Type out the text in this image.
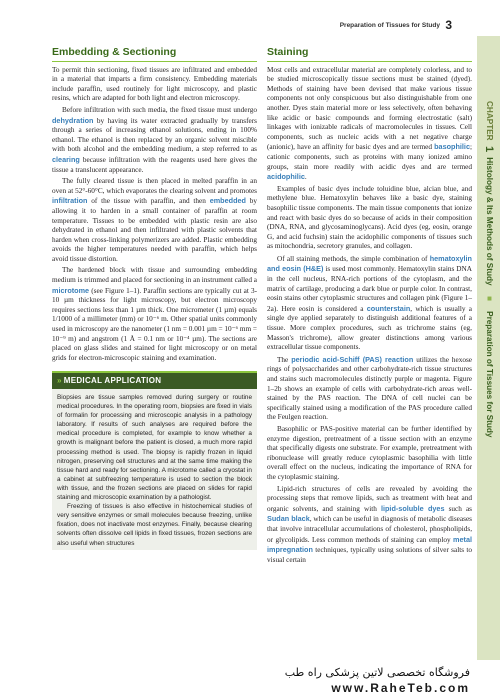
Preparation of Tissues for Study 3
CHAPTER 1 Histology & Its Methods of Study ■ Preparation of Tissues for Study
Embedding & Sectioning

To permit thin sectioning, fixed tissues are infiltrated and embedded in a material that imparts a firm consistency. Embedding materials include paraffin, used routinely for light microscopy, and plastic resins, which are adapted for both light and electron microscopy.

Before infiltration with such media, the fixed tissue must undergo dehydration by having its water extracted gradually by transfers through a series of increasing ethanol solutions, ending in 100% ethanol. The ethanol is then replaced by an organic solvent miscible with both alcohol and the embedding medium, a step referred to as clearing because infiltration with the reagents used here gives the tissue a translucent appearance.

The fully cleared tissue is then placed in melted paraffin in an oven at 52°-60°C, which evaporates the clearing solvent and promotes infiltration of the tissue with paraffin, and then embedded by allowing it to harden in a small container of paraffin at room temperature. Tissues to be embedded with plastic resin are also dehydrated in ethanol and then infiltrated with plastic solvents that harden when cross-linking polymerizers are added. Plastic embedding avoids the higher temperatures needed with paraffin, which helps avoid tissue distortion.

The hardened block with tissue and surrounding embedding medium is trimmed and placed for sectioning in an instrument called a microtome (see Figure 1–1). Paraffin sections are typically cut at 3-10 µm thickness for light microscopy, but electron microscopy requires sections less than 1 µm thick. One micrometer (1 µm) equals 1/1000 of a millimeter (mm) or 10⁻⁶ m. Other spatial units commonly used in microscopy are the nanometer (1 nm = 0.001 µm = 10⁻⁶ mm = 10⁻⁹ m) and angstrom (1 Å = 0.1 nm or 10⁻⁴ µm). The sections are placed on glass slides and stained for light microscopy or on metal grids for electron-microscopic staining and examination.

» MEDICAL APPLICATION

Biopsies are tissue samples removed during surgery or routine medical procedures. In the operating room, biopsies are fixed in vials of formalin for processing and microscopic analysis in a pathology laboratory. If results of such analyses are required before the medical procedure is completed, for example to know whether a growth is malignant before the patient is closed, a much more rapid processing method is used. The biopsy is rapidly frozen in liquid nitrogen, preserving cell structures and at the same time making the tissue hard and ready for sectioning. A microtome called a cryostat in a cabinet at subfreezing temperature is used to section the block with tissue, and the frozen sections are placed on slides for rapid staining and microscopic examination by a pathologist.

Freezing of tissues is also effective in histochemical studies of very sensitive enzymes or small molecules because freezing, unlike fixation, does not inactivate most enzymes. Finally, because clearing solvents often dissolve cell lipids in fixed tissues, frozen sections are also useful when structures

Staining

Most cells and extracellular material are completely colorless, and to be studied microscopically tissue sections must be stained (dyed). Methods of staining have been devised that make various tissue components not only conspicuous but also distinguishable from one another. Dyes stain material more or less selectively, often behaving like acidic or basic compounds and forming electrostatic (salt) linkages with ionizable radicals of macromolecules in tissues. Cell components, such as nucleic acids with a net negative charge (anionic), have an affinity for basic dyes and are termed basophilic; cationic components, such as proteins with many ionized amino groups, stain more readily with acidic dyes and are termed acidophilic.

Examples of basic dyes include toluidine blue, alcian blue, and methylene blue. Hematoxylin behaves like a basic dye, staining basophilic tissue components. The main tissue components that ionize and react with basic dyes do so because of acids in their composition (DNA, RNA, and glycosaminoglycans). Acid dyes (eg, eosin, orange G, and acid fuchsin) stain the acidophilic components of tissues such as mitochondria, secretory granules, and collagen.

Of all staining methods, the simple combination of hematoxylin and eosin (H&E) is used most commonly. Hematoxylin stains DNA in the cell nucleus, RNA-rich portions of the cytoplasm, and the matrix of cartilage, producing a dark blue or purple color. In contrast, eosin stains other cytoplasmic structures and collagen pink (Figure 1–2a). Here eosin is considered a counterstain, which is usually a single dye applied separately to distinguish additional features of a tissue. More complex procedures, such as trichrome stains (eg, Masson's trichrome), allow greater distinctions among various extracellular tissue components.

The periodic acid-Schiff (PAS) reaction utilizes the hexose rings of polysaccharides and other carbohydrate-rich tissue structures and stains such macromolecules distinctly purple or magenta. Figure 1–2b shows an example of cells with carbohydrate-rich areas well-stained by the PAS reaction. The DNA of cell nuclei can be specifically stained using a modification of the PAS procedure called the Feulgen reaction.

Basophilic or PAS-positive material can be further identified by enzyme digestion, pretreatment of a tissue section with an enzyme that specifically digests one substrate. For example, pretreatment with ribonuclease will greatly reduce cytoplasmic basophilia with little overall effect on the nucleus, indicating the importance of RNA for the cytoplasmic staining.

Lipid-rich structures of cells are revealed by avoiding the processing steps that remove lipids, such as treatment with heat and organic solvents, and staining with lipid-soluble dyes such as Sudan black, which can be useful in diagnosis of metabolic diseases that involve intracellular accumulations of cholesterol, phospholipids, or glycolipids. Less common methods of staining can employ metal impregnation techniques, typically using solutions of silver salts to visual certain

فروشگاه تخصصی لاتین پزشکی راه طب
www.RaheTeb.com
